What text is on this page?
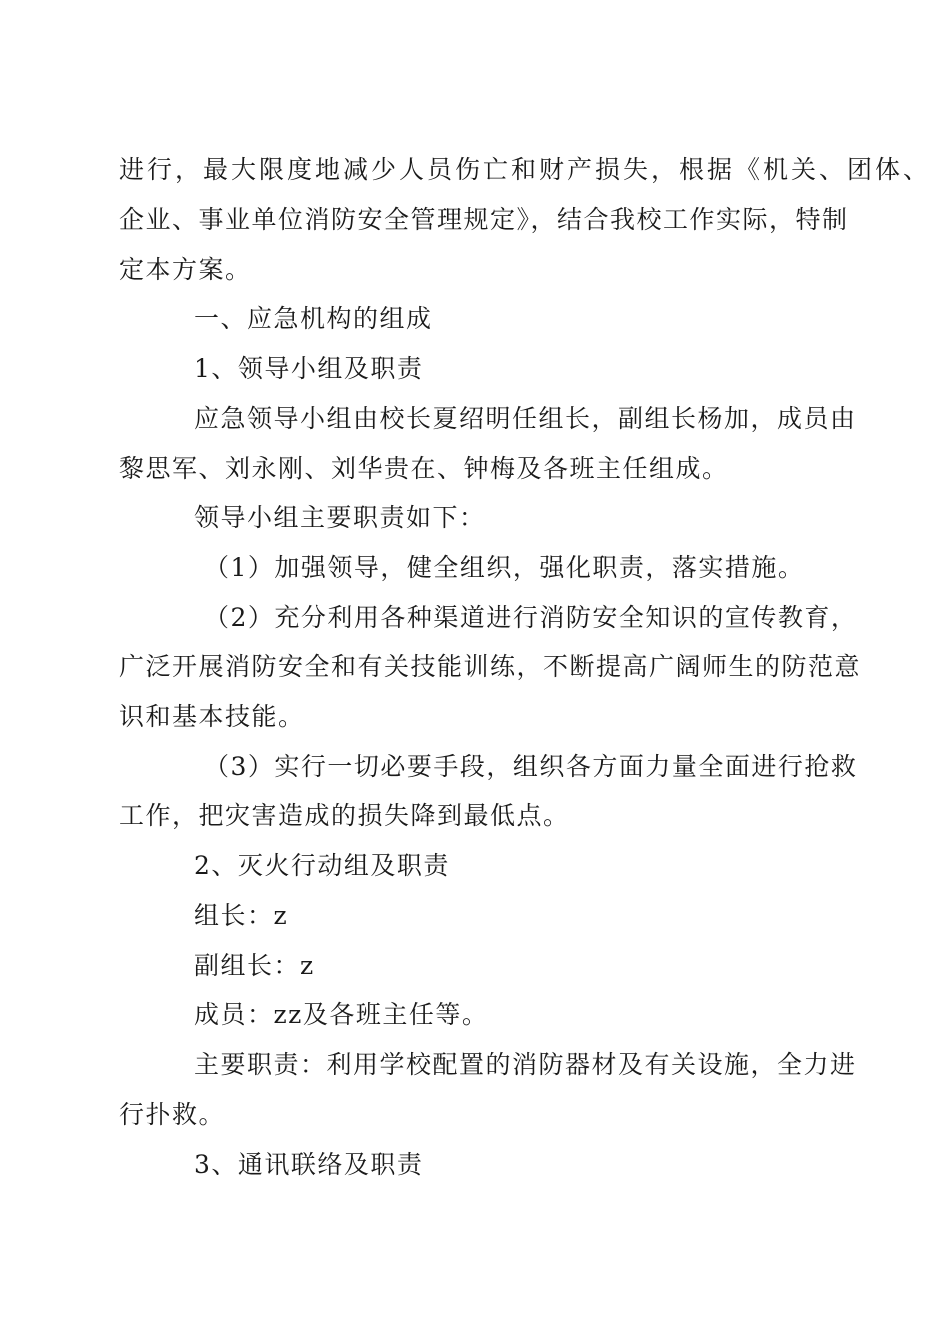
进行，最大限度地减少人员伤亡和财产损失，根据《机关、团体、
企业、事业单位消防安全管理规定》，结合我校工作实际，特制
定本方案。
一、应急机构的组成
1、领导小组及职责
应急领导小组由校长夏绍明任组长，副组长杨加，成员由
黎思军、刘永刚、刘华贵在、钟梅及各班主任组成。
领导小组主要职责如下：
（1）加强领导，健全组织，强化职责，落实措施。
（2）充分利用各种渠道进行消防安全知识的宣传教育，
广泛开展消防安全和有关技能训练，不断提高广阔师生的防范意
识和基本技能。
（3）实行一切必要手段，组织各方面力量全面进行抢救
工作，把灾害造成的损失降到最低点。
2、灭火行动组及职责
组长：z
副组长：z
成员：zz及各班主任等。
主要职责：利用学校配置的消防器材及有关设施，全力进
行扑救。
3、通讯联络及职责
